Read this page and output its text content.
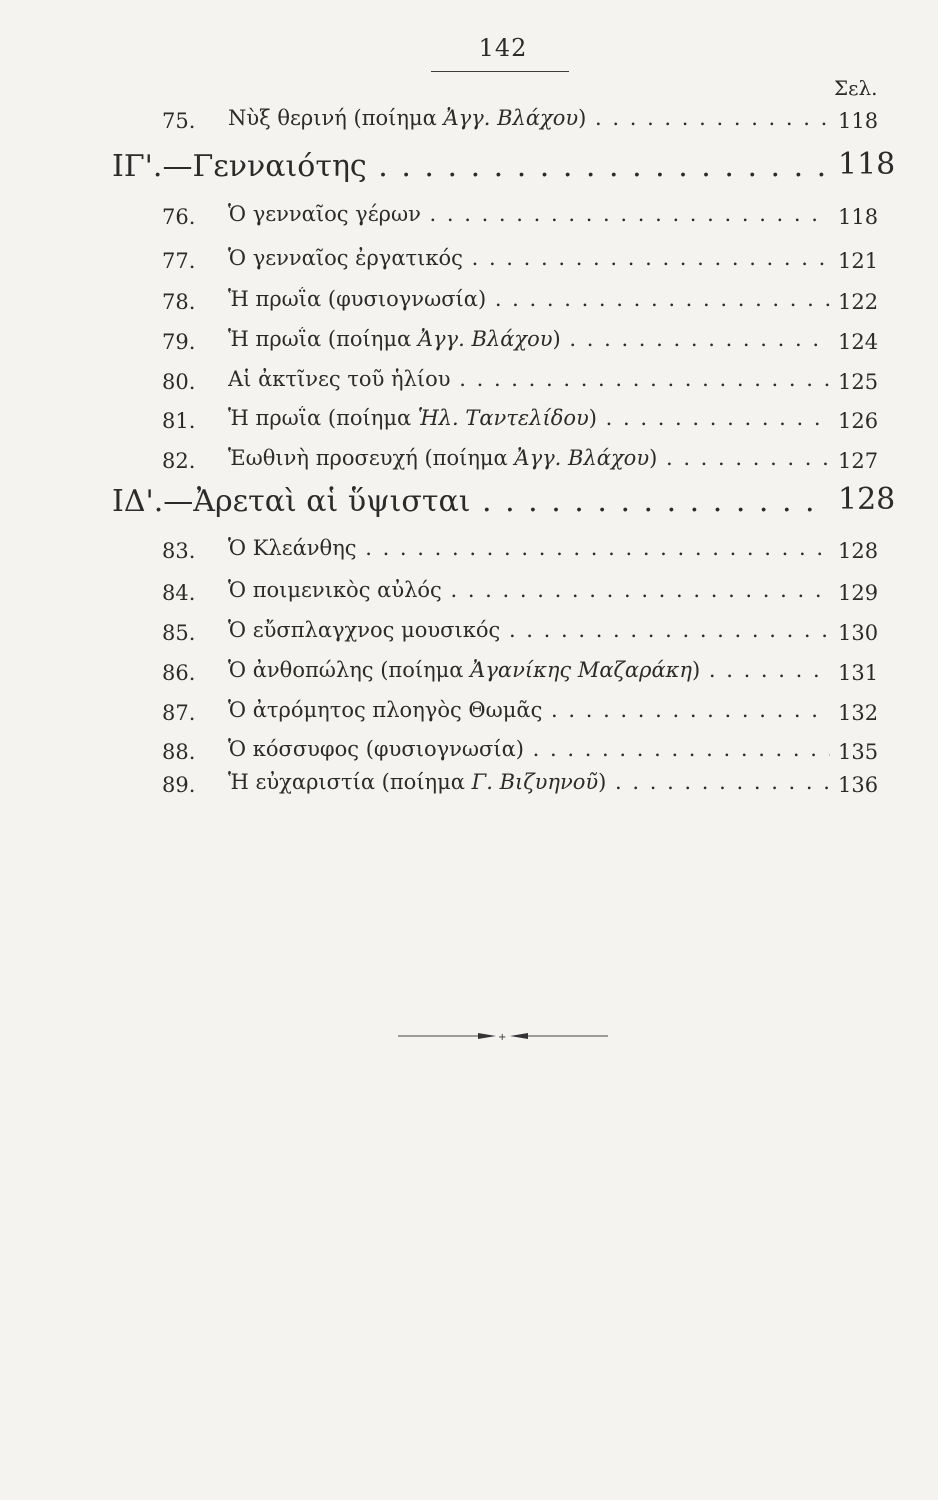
142
Σελ.
75. Νὺξ θερινή (ποίημα Ἀγγ. Βλάχου) . . .	118
ΙΓ'.—Γενναιότης . . .	118
76. Ὁ γενναῖος γέρων . . .	118
77. Ὁ γενναῖος ἐργατικός . . .	121
78. Ἡ πρωΐα (φυσιογνωσία) . . .	122
79. Ἡ πρωΐα (ποίημα Ἀγγ. Βλάχου) . . .	124
80. Αἱ ἀκτῖνες τοῦ ἡλίου . . .	125
81. Ἡ πρωΐα (ποίημα Ἡλ. Ταντελίδου) . . .	126
82. Ἑωθινὴ προσευχή (ποίημα Ἀγγ. Βλάχου) . . .	127
ΙΔ'.—Ἀρεταὶ αἱ ὕψισται . . .	128
83. Ὁ Κλεάνθης . . .	128
84. Ὁ ποιμενικὸς αὐλός . . .	129
85. Ὁ εὔσπλαγχνος μουσικός . . .	130
86. Ὁ ἀνθοπώλης (ποίημα Ἀγανίκης Μαζαράκη) . . .	131
87. Ὁ ἀτρόμητος πλοηγὸς Θωμᾶς . . .	132
88. Ὁ κόσσυφος (φυσιογνωσία) . . .	135
89. Ἡ εὐχαριστία (ποίημα Γ. Βιζυηνοῦ) . . .	136
+
